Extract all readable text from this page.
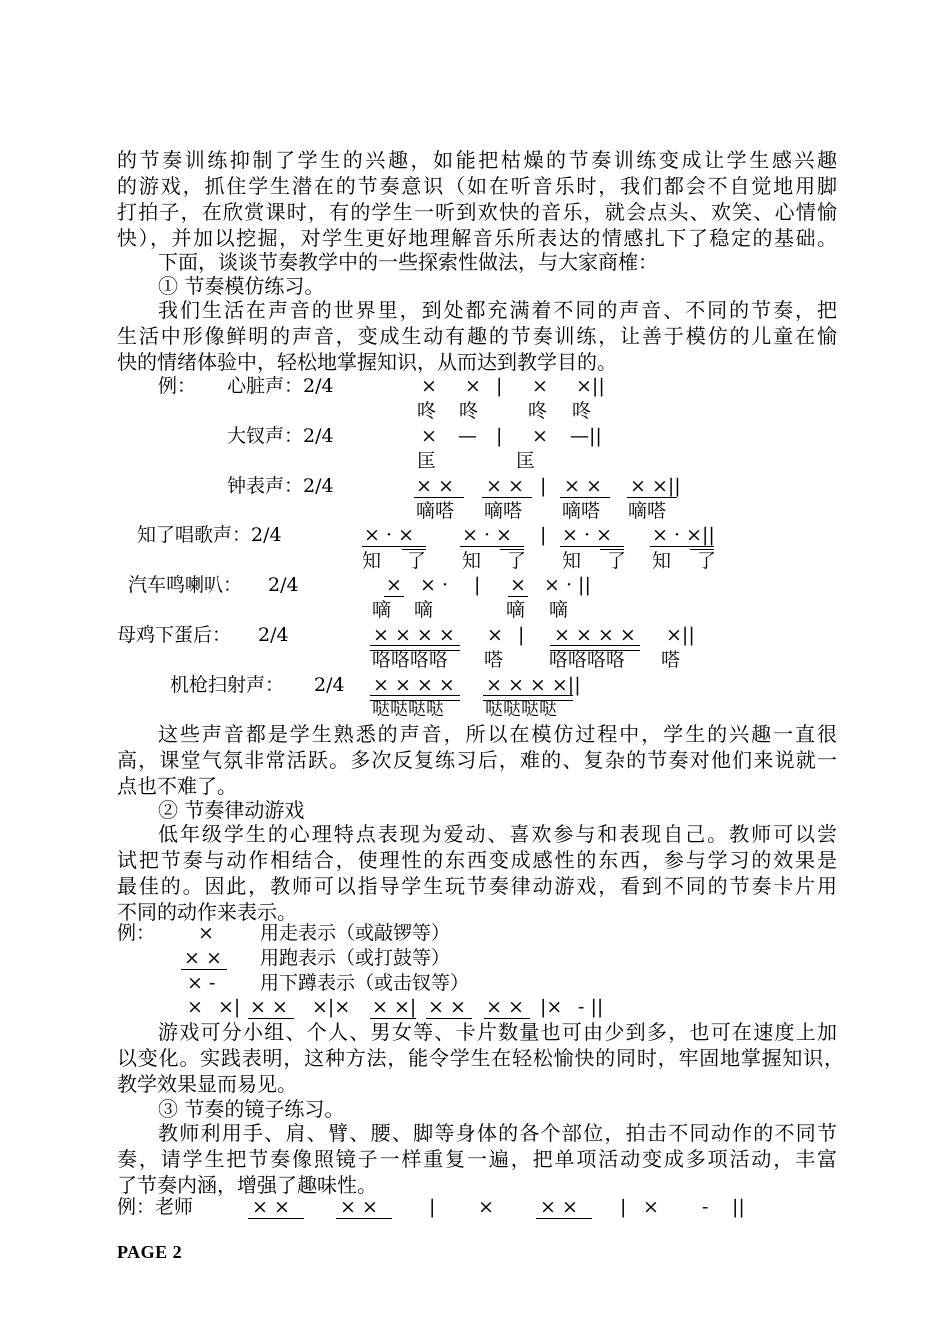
的节奏训练抑制了学生的兴趣，如能把枯燥的节奏训练变成让学生感兴趣
的游戏，抓住学生潜在的节奏意识（如在听音乐时，我们都会不自觉地用脚
打拍子，在欣赏课时，有的学生一听到欢快的音乐，就会点头、欢笑、心情愉
快），并加以挖掘，对学生更好地理解音乐所表达的情感扎下了稳定的基础。
下面，谈谈节奏教学中的一些探索性做法，与大家商榷：
① 节奏模仿练习。
我们生活在声音的世界里，到处都充满着不同的声音、不同的节奏，把
生活中形像鲜明的声音，变成生动有趣的节奏训练，让善于模仿的儿童在愉
快的情绪体验中，轻松地掌握知识，从而达到教学目的。
例： 心脏声：2/4	× × | × ×||
咚 咚	咚 咚
大钗声：2/4	× — | × —||
匡	匡
钟表声：2/4	× × × × | × × × ×||
嘀嗒 嘀嗒 嘀嗒 嘀嗒
知了唱歌声：2/4	× · ×	× · × | × · × × · ×||
知 了 知 了 知 了 知 了
汽车鸣喇叭： 2/4	× × · | × × · ||
嘀 嘀	嘀 嘀
母鸡下蛋后： 2/4	× × × × × | × × × × ×||
咯咯咯咯 嗒 咯咯咯咯 嗒
机枪扫射声： 2/4 × × × × × × × ×||
哒哒哒哒 哒哒哒哒
这些声音都是学生熟悉的声音，所以在模仿过程中，学生的兴趣一直很
高，课堂气氛非常活跃。多次反复练习后，难的、复杂的节奏对他们来说就一
点也不难了。
② 节奏律动游戏
低年级学生的心理特点表现为爱动、喜欢参与和表现自己。教师可以尝
试把节奏与动作相结合，使理性的东西变成感性的东西，参与学习的效果是
最佳的。因此，教师可以指导学生玩节奏律动游戏，看到不同的节奏卡片用
不同的动作来表示。
例： × 用走表示（或敲锣等）
× × 用跑表示（或打鼓等）
× - 用下蹲表示（或击钗等）
× ×| × × ×|× × ×| × × × × |× - ||
游戏可分小组、个人、男女等、卡片数量也可由少到多，也可在速度上加
以变化。实践表明，这种方法，能令学生在轻松愉快的同时，牢固地掌握知识，
教学效果显而易见。
③ 节奏的镜子练习。
教师利用手、肩、臂、腰、脚等身体的各个部位，拍击不同动作的不同节
奏，请学生把节奏像照镜子一样重复一遍，把单项活动变成多项活动，丰富
了节奏内涵，增强了趣味性。
例：老师	× ×	× ×	| × × × | × - ||
PAGE 2
